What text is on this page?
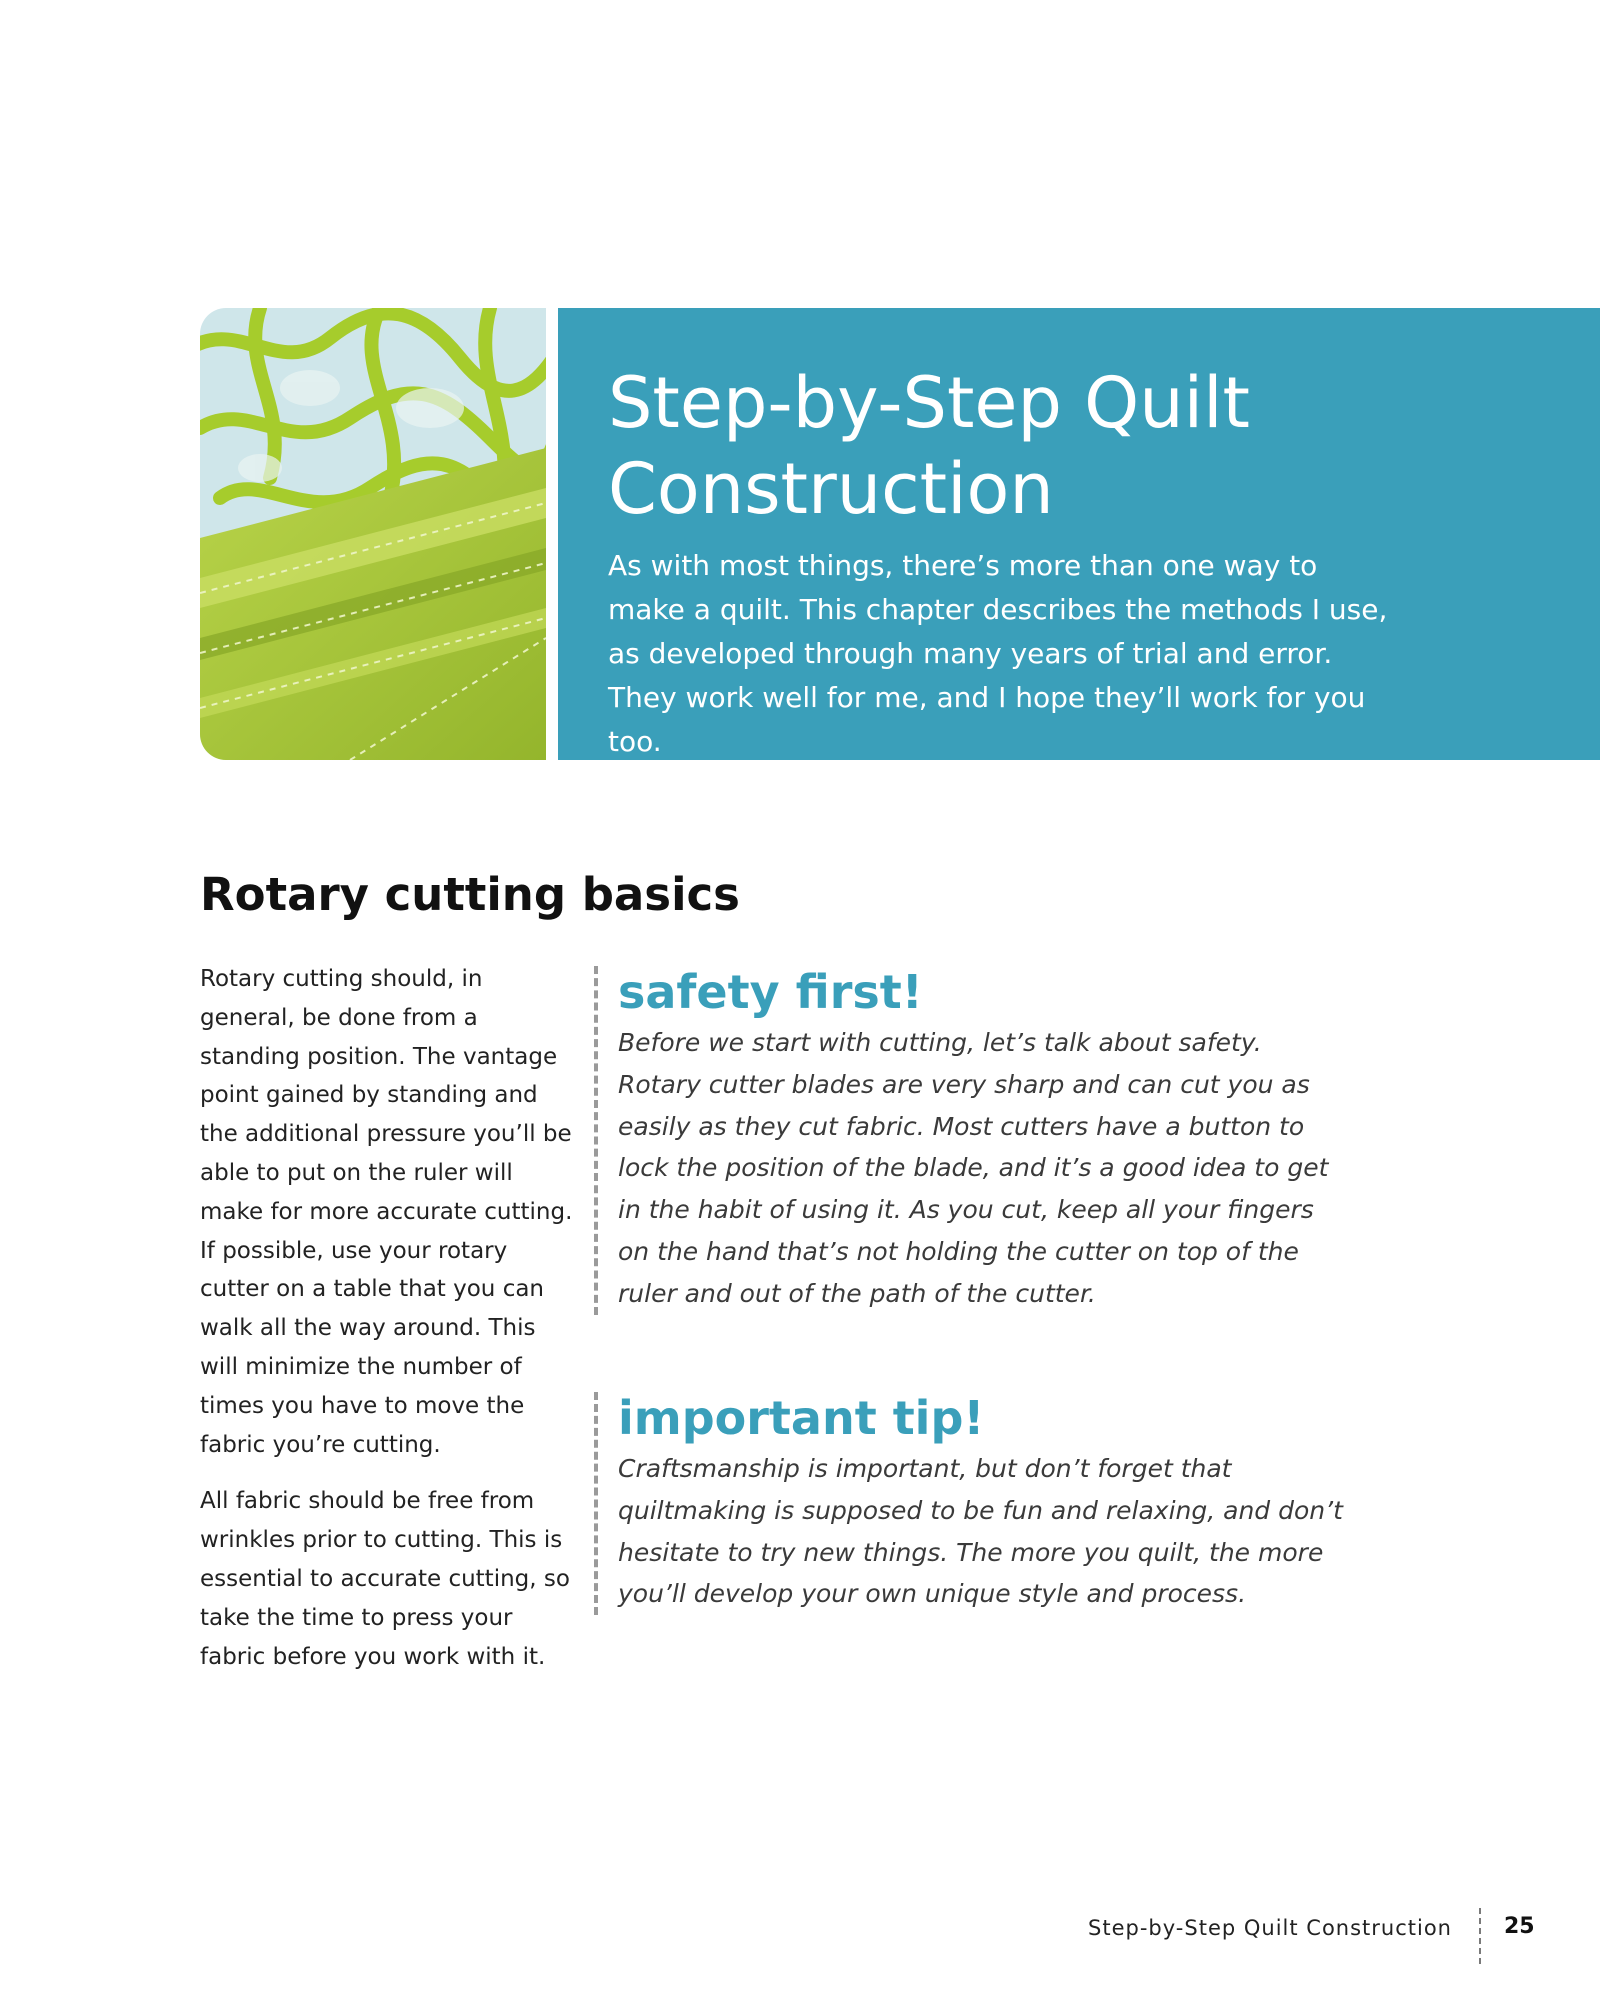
Step-by-Step Quilt Construction

As with most things, there’s more than one way to make a quilt. This chapter describes the methods I use, as developed through many years of trial and error. They work well for me, and I hope they’ll work for you too.

Rotary cutting basics

Rotary cutting should, in general, be done from a standing position. The vantage point gained by standing and the additional pressure you’ll be able to put on the ruler will make for more accurate cutting. If possible, use your rotary cutter on a table that you can walk all the way around. This will minimize the number of times you have to move the fabric you’re cutting.

All fabric should be free from wrinkles prior to cutting. This is essential to accurate cutting, so take the time to press your fabric before you work with it.

safety first!

Before we start with cutting, let’s talk about safety. Rotary cutter blades are very sharp and can cut you as easily as they cut fabric. Most cutters have a button to lock the position of the blade, and it’s a good idea to get in the habit of using it. As you cut, keep all your fingers on the hand that’s not holding the cutter on top of the ruler and out of the path of the cutter.

important tip!

Craftsmanship is important, but don’t forget that quiltmaking is supposed to be fun and relaxing, and don’t hesitate to try new things. The more you quilt, the more you’ll develop your own unique style and process.

Step-by-Step Quilt Construction 25
